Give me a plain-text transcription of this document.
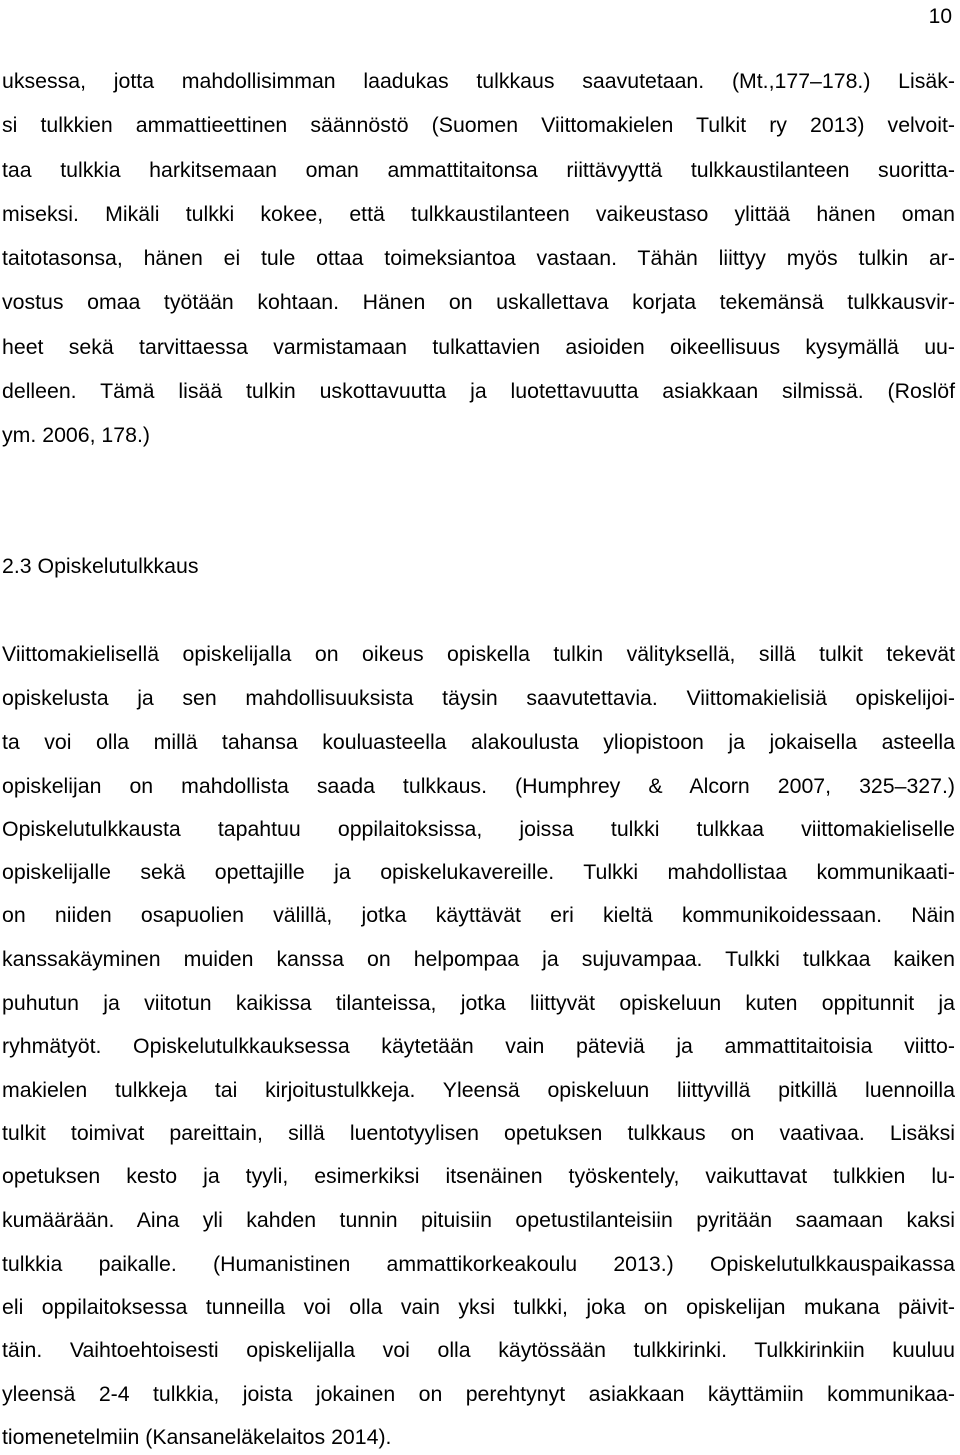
10
uksessa, jotta mahdollisimman laadukas tulkkaus saavutetaan. (Mt.,177–178.) Lisäk-
si tulkkien ammattieettinen säännöstö (Suomen Viittomakielen Tulkit ry 2013) velvoit-
taa tulkkia harkitsemaan oman ammattitaitonsa riittävyyttä tulkkaustilanteen suoritta-
miseksi. Mikäli tulkki kokee, että tulkkaustilanteen vaikeustaso ylittää hänen oman
taitotasonsa, hänen ei tule ottaa toimeksiantoa vastaan. Tähän liittyy myös tulkin ar-
vostus omaa työtään kohtaan. Hänen on uskallettava korjata tekemänsä tulkkausvir-
heet sekä tarvittaessa varmistamaan tulkattavien asioiden oikeellisuus kysymällä uu-
delleen. Tämä lisää tulkin uskottavuutta ja luotettavuutta asiakkaan silmissä. (Roslöf
ym. 2006, 178.)
2.3 Opiskelutulkkaus
Viittomakielisellä opiskelijalla on oikeus opiskella tulkin välityksellä, sillä tulkit tekevät
opiskelusta ja sen mahdollisuuksista täysin saavutettavia. Viittomakielisiä opiskelijoi-
ta voi olla millä tahansa kouluasteella alakoulusta yliopistoon ja jokaisella asteella
opiskelijan on mahdollista saada tulkkaus. (Humphrey & Alcorn 2007, 325–327.)
Opiskelutulkkausta tapahtuu oppilaitoksissa, joissa tulkki tulkkaa viittomakieliselle
opiskelijalle sekä opettajille ja opiskelukavereille. Tulkki mahdollistaa kommunikaati-
on niiden osapuolien välillä, jotka käyttävät eri kieltä kommunikoidessaan. Näin
kanssakäyminen muiden kanssa on helpompaa ja sujuvampaa. Tulkki tulkkaa kaiken
puhutun ja viitotun kaikissa tilanteissa, jotka liittyvät opiskeluun kuten oppitunnit ja
ryhmätyöt. Opiskelutulkkauksessa käytetään vain päteviä ja ammattitaitoisia viitto-
makielen tulkkeja tai kirjoitustulkkeja. Yleensä opiskeluun liittyvillä pitkillä luennoilla
tulkit toimivat pareittain, sillä luentotyylisen opetuksen tulkkaus on vaativaa. Lisäksi
opetuksen kesto ja tyyli, esimerkiksi itsenäinen työskentely, vaikuttavat tulkkien lu-
kumäärään. Aina yli kahden tunnin pituisiin opetustilanteisiin pyritään saamaan kaksi
tulkkia paikalle. (Humanistinen ammattikorkeakoulu 2013.) Opiskelutulkkauspaikassa
eli oppilaitoksessa tunneilla voi olla vain yksi tulkki, joka on opiskelijan mukana päivit-
täin. Vaihtoehtoisesti opiskelijalla voi olla käytössään tulkkirinki. Tulkkirinkiin kuuluu
yleensä 2-4 tulkkia, joista jokainen on perehtynyt asiakkaan käyttämiin kommunikaa-
tiomenetelmiin (Kansaneläkelaitos 2014).
